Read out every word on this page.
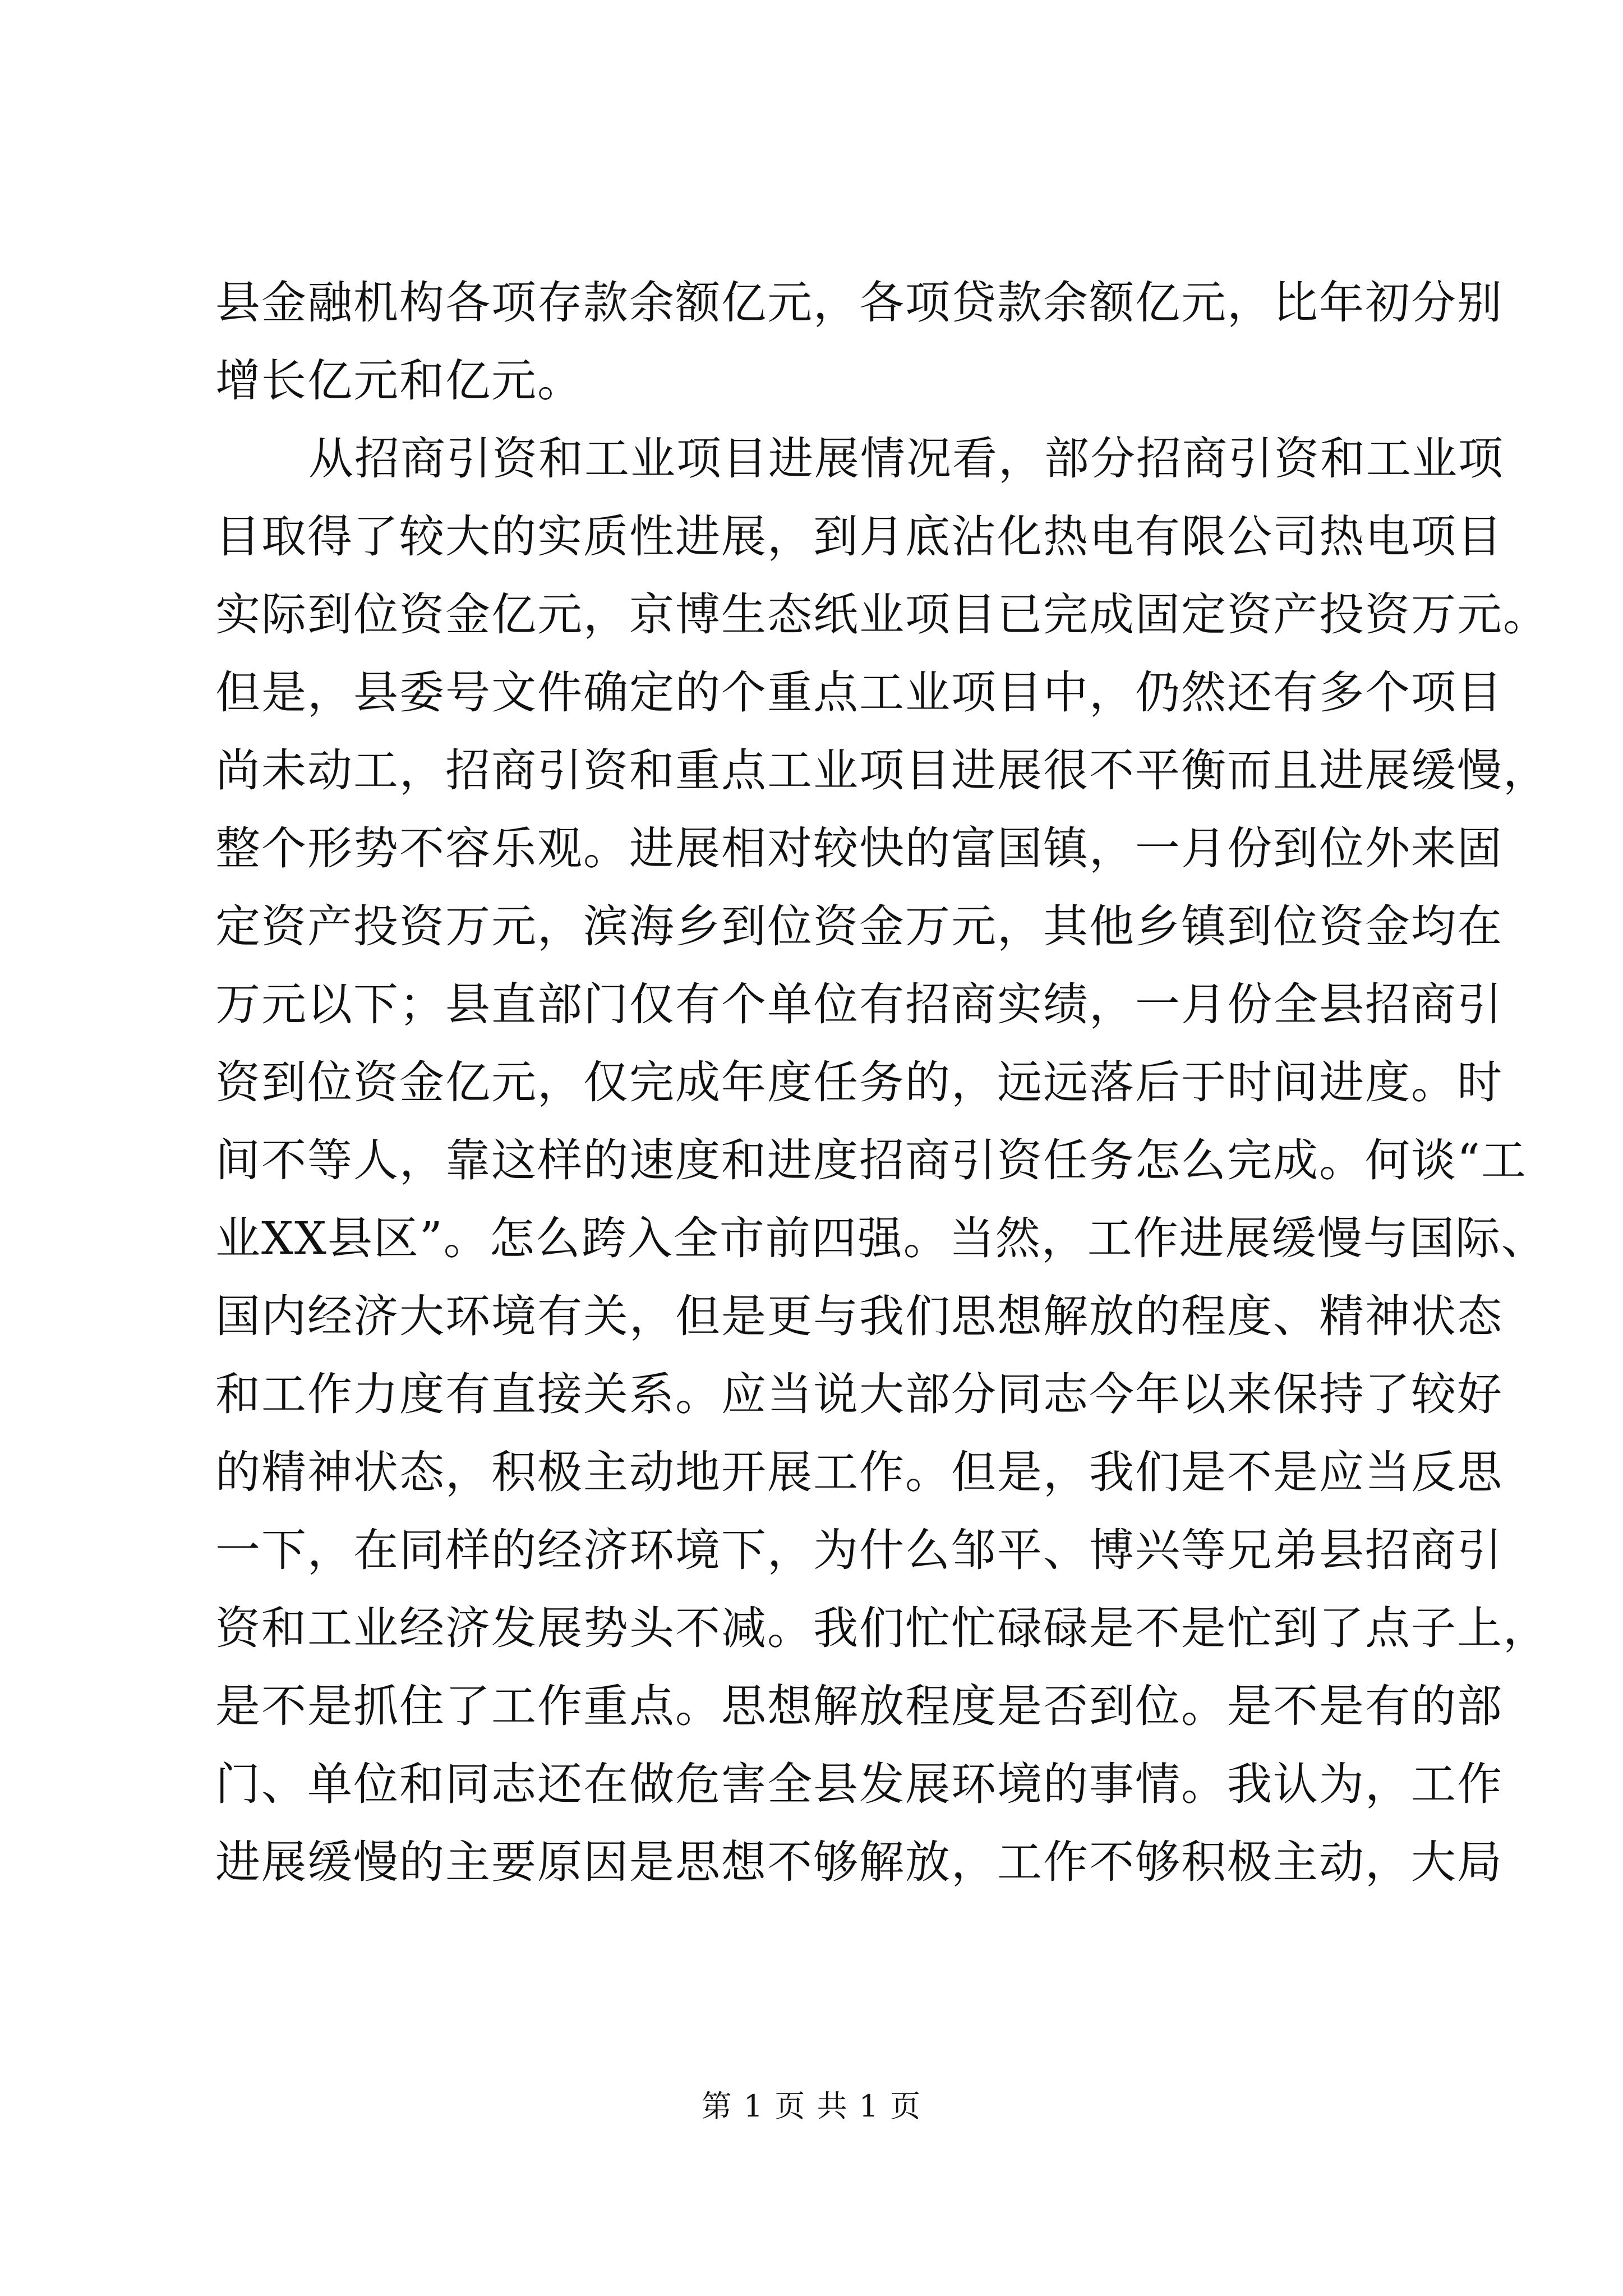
县金融机构各项存款余额亿元，各项贷款余额亿元，比年初分别
增长亿元和亿元。
从招商引资和工业项目进展情况看，部分招商引资和工业项
目取得了较大的实质性进展，到月底沾化热电有限公司热电项目
实际到位资金亿元，京博生态纸业项目已完成固定资产投资万元。
但是，县委号文件确定的个重点工业项目中，仍然还有多个项目
尚未动工，招商引资和重点工业项目进展很不平衡而且进展缓慢，
整个形势不容乐观。进展相对较快的富国镇，一月份到位外来固
定资产投资万元，滨海乡到位资金万元，其他乡镇到位资金均在
万元以下；县直部门仅有个单位有招商实绩，一月份全县招商引
资到位资金亿元，仅完成年度任务的，远远落后于时间进度。时
间不等人，靠这样的速度和进度招商引资任务怎么完成。何谈“工
业XX县区”。怎么跨入全市前四强。当然，工作进展缓慢与国际、
国内经济大环境有关，但是更与我们思想解放的程度、精神状态
和工作力度有直接关系。应当说大部分同志今年以来保持了较好
的精神状态，积极主动地开展工作。但是，我们是不是应当反思
一下，在同样的经济环境下，为什么邹平、博兴等兄弟县招商引
资和工业经济发展势头不减。我们忙忙碌碌是不是忙到了点子上，
是不是抓住了工作重点。思想解放程度是否到位。是不是有的部
门、单位和同志还在做危害全县发展环境的事情。我认为，工作
进展缓慢的主要原因是思想不够解放，工作不够积极主动，大局
第 1 页 共 1 页
